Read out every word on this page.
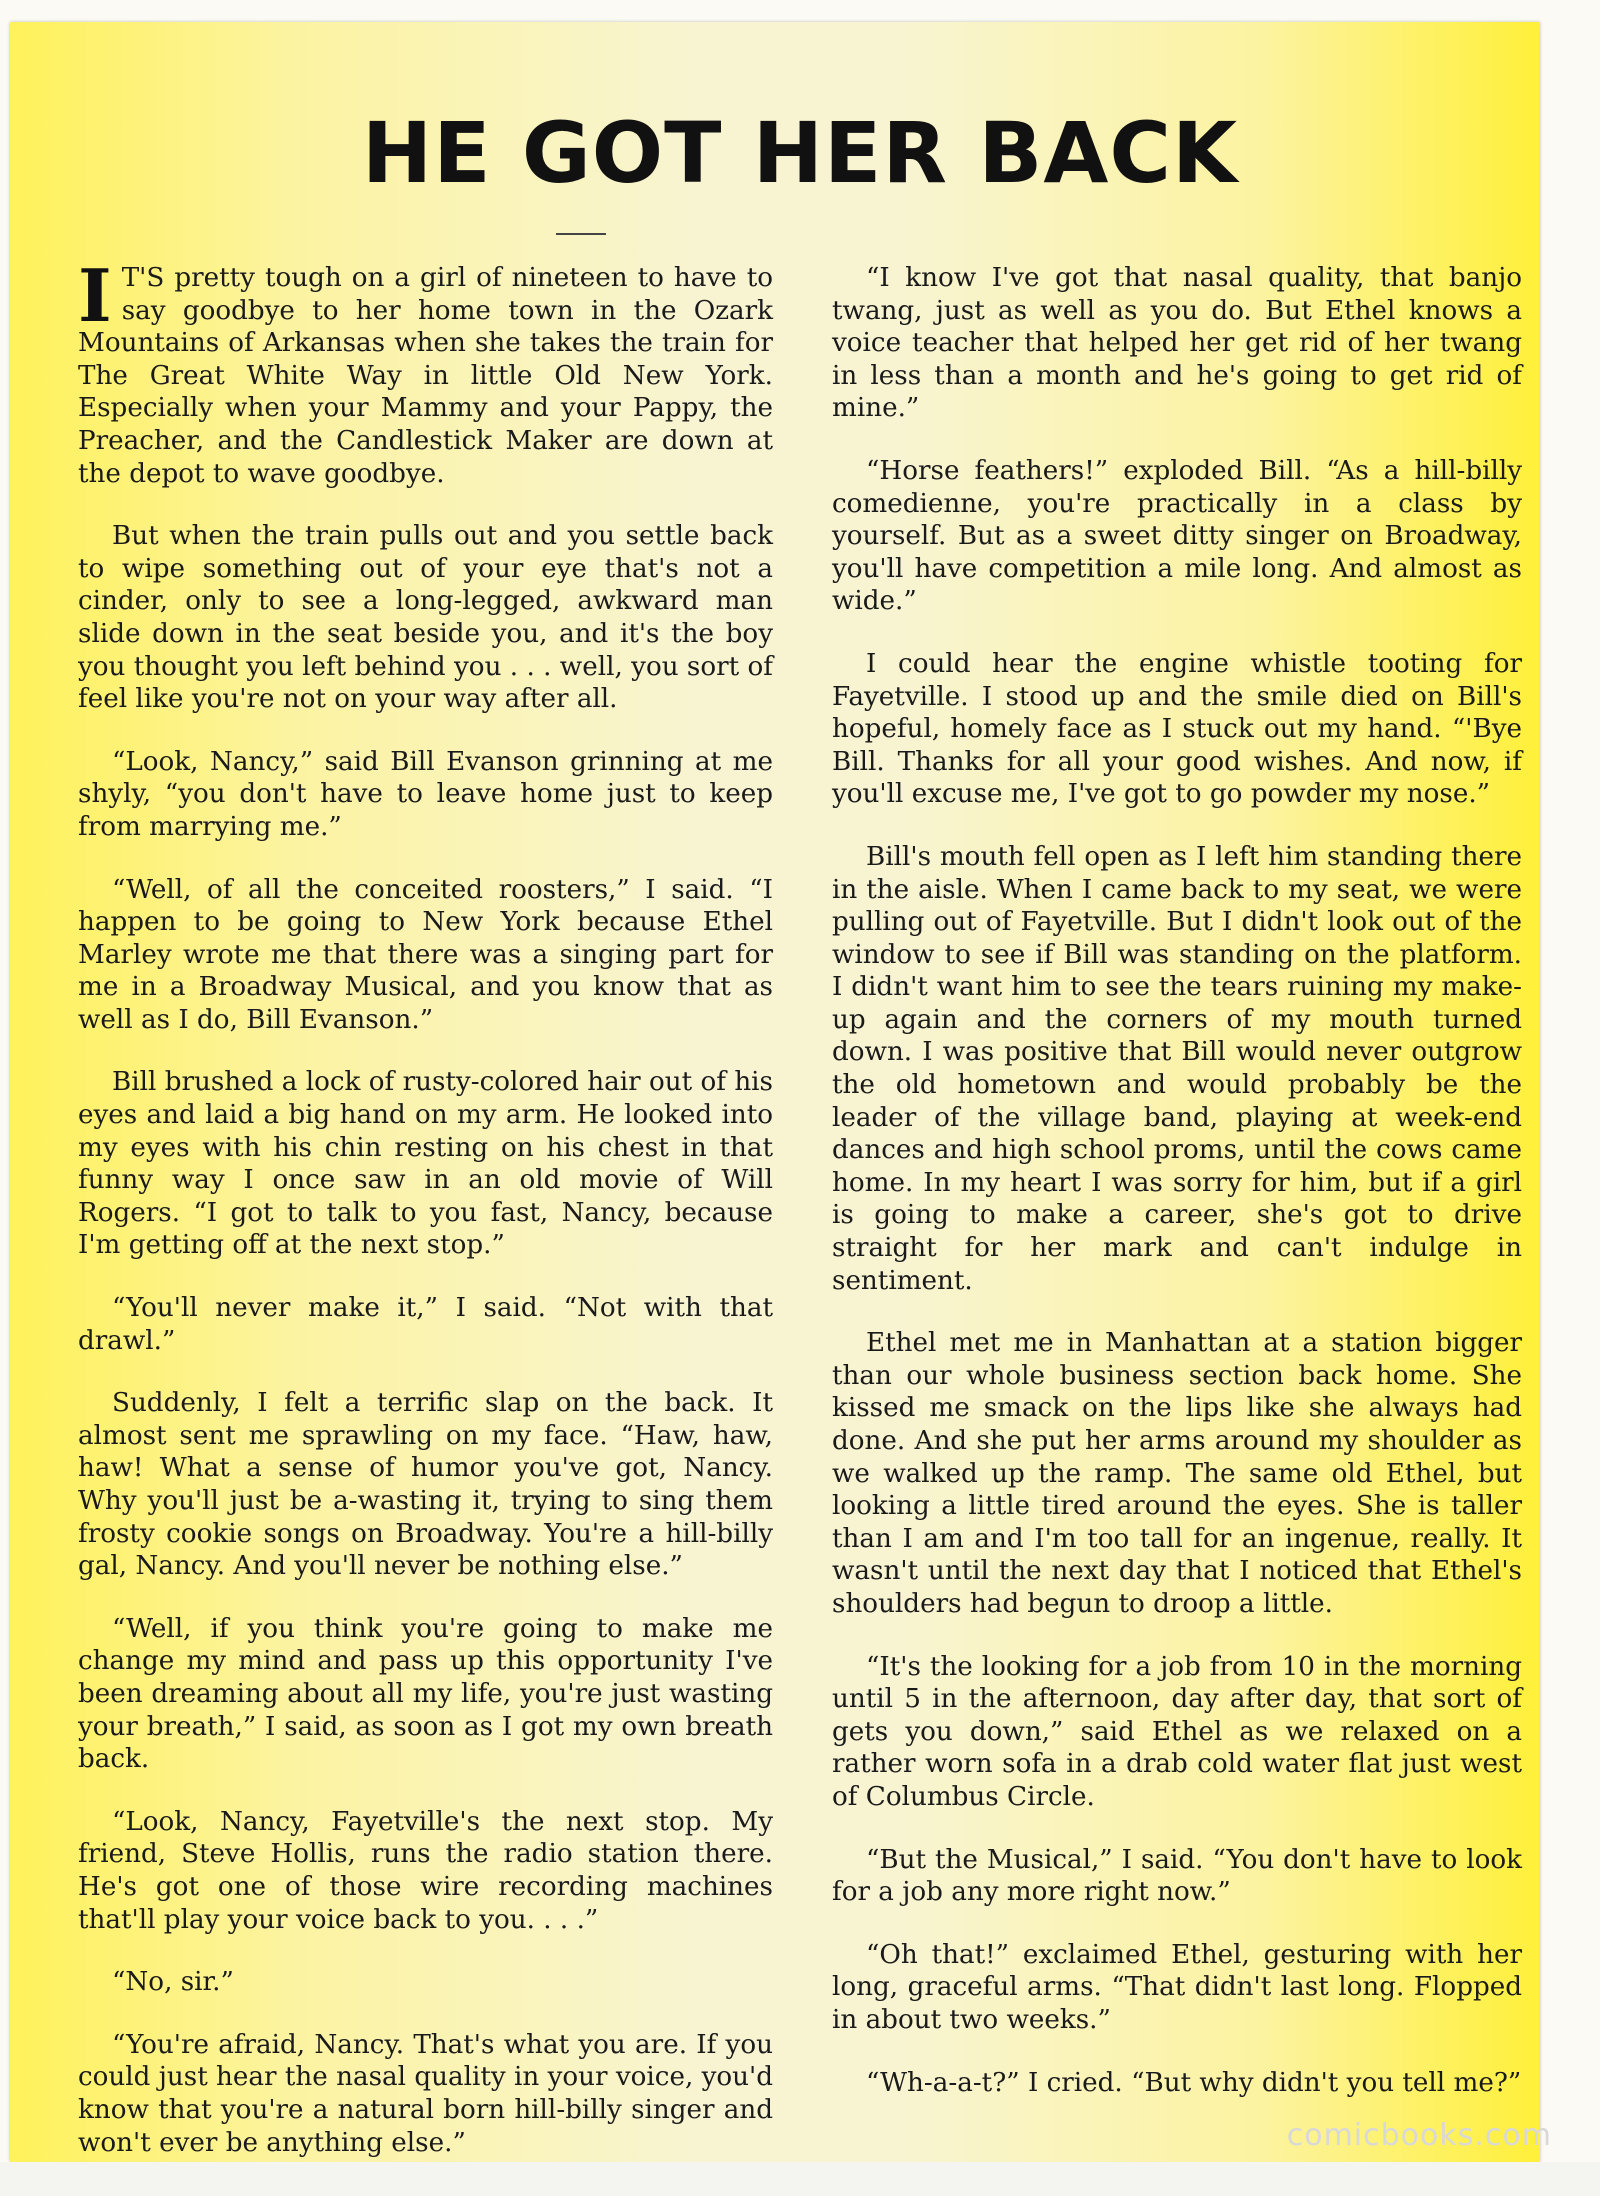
HE GOT HER BACK

I T'S pretty tough on a girl of nineteen to have to say goodbye to her home town in the Ozark Mountains of Arkansas when she takes the train for The Great White Way in little Old New York. Especially when your Mammy and your Pappy, the Preacher, and the Candlestick Maker are down at the depot to wave goodbye.

But when the train pulls out and you settle back to wipe something out of your eye that's not a cinder, only to see a long-legged, awkward man slide down in the seat beside you, and it's the boy you thought you left behind you . . . well, you sort of feel like you're not on your way after all.

“Look, Nancy,” said Bill Evanson grinning at me shyly, “you don't have to leave home just to keep from marrying me.”

“Well, of all the conceited roosters,” I said. “I happen to be going to New York because Ethel Marley wrote me that there was a singing part for me in a Broadway Musical, and you know that as well as I do, Bill Evanson.”

Bill brushed a lock of rusty-colored hair out of his eyes and laid a big hand on my arm. He looked into my eyes with his chin resting on his chest in that funny way I once saw in an old movie of Will Rogers. “I got to talk to you fast, Nancy, because I'm getting off at the next stop.”

“You'll never make it,” I said. “Not with that drawl.”

Suddenly, I felt a terrific slap on the back. It almost sent me sprawling on my face. “Haw, haw, haw! What a sense of humor you've got, Nancy. Why you'll just be a-wasting it, trying to sing them frosty cookie songs on Broadway. You're a hill-billy gal, Nancy. And you'll never be nothing else.”

“Well, if you think you're going to make me change my mind and pass up this opportunity I've been dreaming about all my life, you're just wasting your breath,” I said, as soon as I got my own breath back.

“Look, Nancy, Fayetville's the next stop. My friend, Steve Hollis, runs the radio station there. He's got one of those wire recording machines that'll play your voice back to you. . . .”

“No, sir.”

“You're afraid, Nancy. That's what you are. If you could just hear the nasal quality in your voice, you'd know that you're a natural born hill-billy singer and won't ever be anything else.”

“I know I've got that nasal quality, that banjo twang, just as well as you do. But Ethel knows a voice teacher that helped her get rid of her twang in less than a month and he's going to get rid of mine.”

“Horse feathers!” exploded Bill. “As a hill-billy comedienne, you're practically in a class by yourself. But as a sweet ditty singer on Broadway, you'll have competition a mile long. And almost as wide.”

I could hear the engine whistle tooting for Fayetville. I stood up and the smile died on Bill's hopeful, homely face as I stuck out my hand. “'Bye Bill. Thanks for all your good wishes. And now, if you'll excuse me, I've got to go powder my nose.”

Bill's mouth fell open as I left him standing there in the aisle. When I came back to my seat, we were pulling out of Fayetville. But I didn't look out of the window to see if Bill was standing on the platform. I didn't want him to see the tears ruining my make-up again and the corners of my mouth turned down. I was positive that Bill would never outgrow the old hometown and would probably be the leader of the village band, playing at week-end dances and high school proms, until the cows came home. In my heart I was sorry for him, but if a girl is going to make a career, she's got to drive straight for her mark and can't indulge in sentiment.

Ethel met me in Manhattan at a station bigger than our whole business section back home. She kissed me smack on the lips like she always had done. And she put her arms around my shoulder as we walked up the ramp. The same old Ethel, but looking a little tired around the eyes. She is taller than I am and I'm too tall for an ingenue, really. It wasn't until the next day that I noticed that Ethel's shoulders had begun to droop a little.

“It's the looking for a job from 10 in the morning until 5 in the afternoon, day after day, that sort of gets you down,” said Ethel as we relaxed on a rather worn sofa in a drab cold water flat just west of Columbus Circle.

“But the Musical,” I said. “You don't have to look for a job any more right now.”

“Oh that!” exclaimed Ethel, gesturing with her long, graceful arms. “That didn't last long. Flopped in about two weeks.”

“Wh-a-a-t?” I cried. “But why didn't you tell me?”

comicbooks.com
